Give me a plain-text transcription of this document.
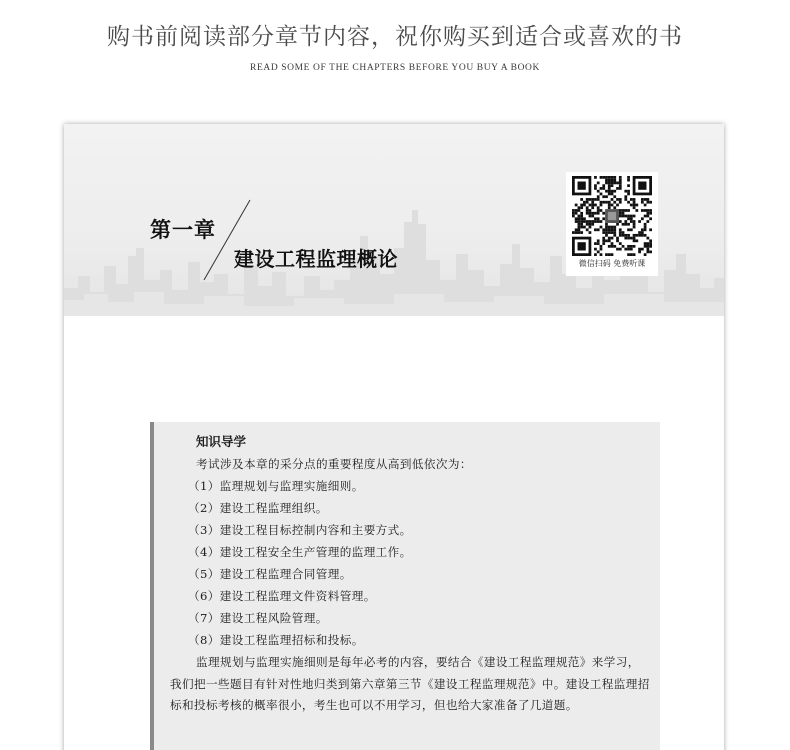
购书前阅读部分章节内容，祝你购买到适合或喜欢的书
READ SOME OF THE CHAPTERS BEFORE YOU BUY A BOOK
第一章
建设工程监理概论	微信扫码 免费听课
知识导学
考试涉及本章的采分点的重要程度从高到低依次为：
（1）监理规划与监理实施细则。
（2）建设工程监理组织。
（3）建设工程目标控制内容和主要方式。
（4）建设工程安全生产管理的监理工作。
（5）建设工程监理合同管理。
（6）建设工程监理文件资料管理。
（7）建设工程风险管理。
（8）建设工程监理招标和投标。
监理规划与监理实施细则是每年必考的内容，要结合《建设工程监理规范》来学习，我们把一些题目有针对性地归类到第六章第三节《建设工程监理规范》中。建设工程监理招标和投标考核的概率很小，考生也可以不用学习，但也给大家准备了几道题。
